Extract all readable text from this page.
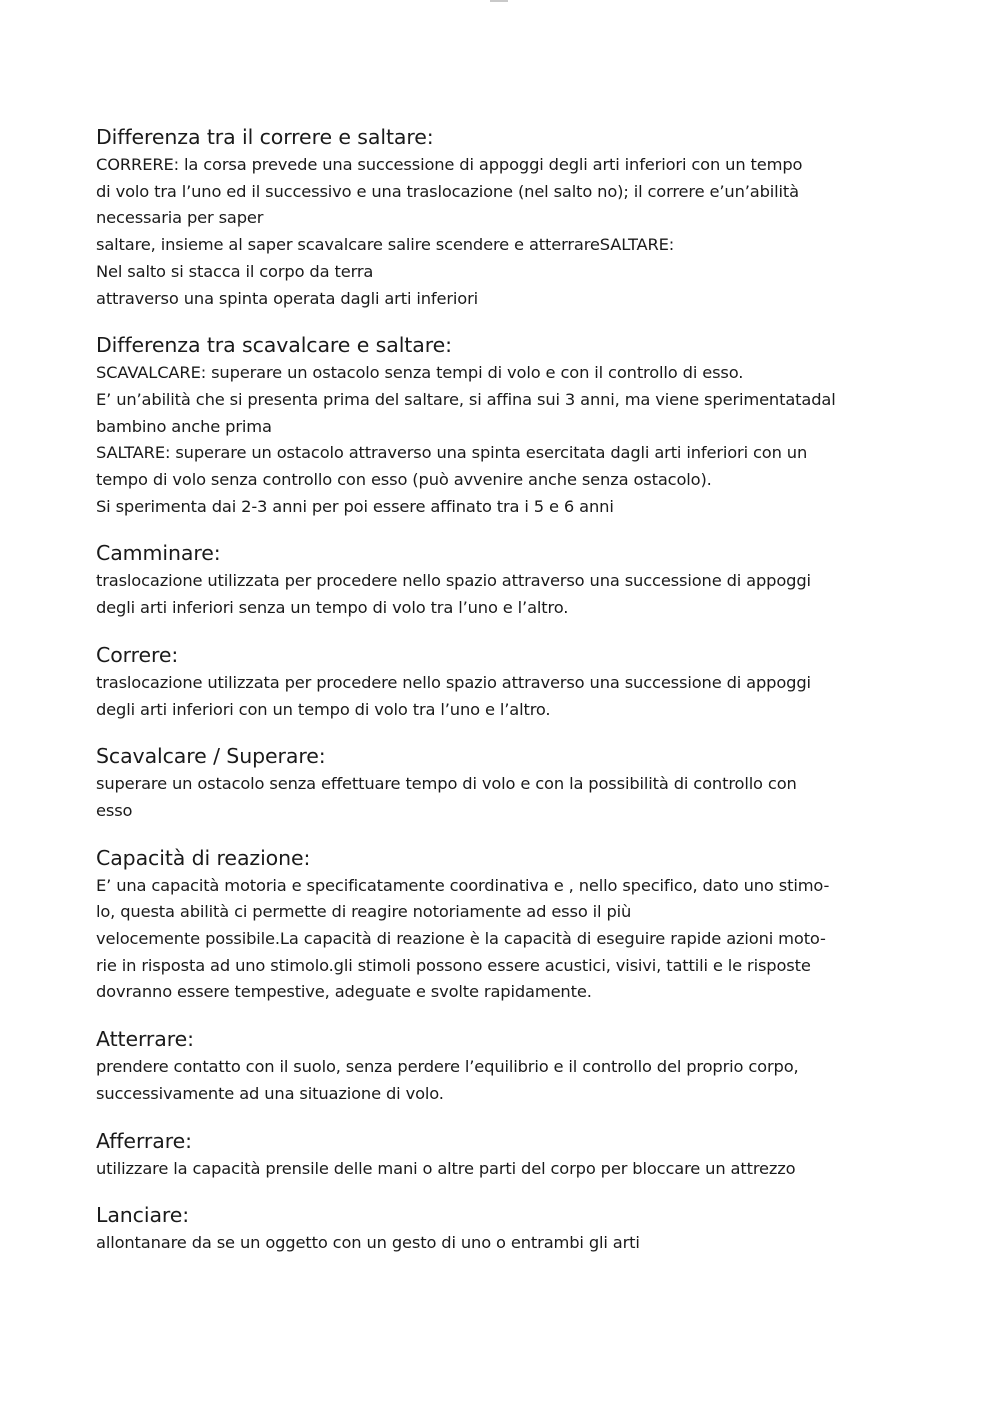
Differenza tra il correre e saltare:

CORRERE: la corsa prevede una successione di appoggi degli arti inferiori con un tempo
di volo tra l’uno ed il successivo e una traslocazione (nel salto no); il correre e’un’abilità
necessaria per saper
saltare, insieme al saper scavalcare salire scendere e atterrareSALTARE:
Nel salto si stacca il corpo da terra
attraverso una spinta operata dagli arti inferiori

Differenza tra scavalcare e saltare:

SCAVALCARE: superare un ostacolo senza tempi di volo e con il controllo di esso.
E’ un’abilità che si presenta prima del saltare, si affina sui 3 anni, ma viene sperimentatadal
bambino anche prima
SALTARE: superare un ostacolo attraverso una spinta esercitata dagli arti inferiori con un
tempo di volo senza controllo con esso (può avvenire anche senza ostacolo).
Si sperimenta dai 2-3 anni per poi essere affinato tra i 5 e 6 anni

Camminare:

traslocazione utilizzata per procedere nello spazio attraverso una successione di appoggi
degli arti inferiori senza un tempo di volo tra l’uno e l’altro.

Correre:

traslocazione utilizzata per procedere nello spazio attraverso una successione di appoggi
degli arti inferiori con un tempo di volo tra l’uno e l’altro.

Scavalcare / Superare:

superare un ostacolo senza effettuare tempo di volo e con la possibilità di controllo con
esso

Capacità di reazione:

E’ una capacità motoria e specificatamente coordinativa e , nello specifico, dato uno stimo-
lo, questa abilità ci permette di reagire notoriamente ad esso il più
velocemente possibile.La capacità di reazione è la capacità di eseguire rapide azioni moto-
rie in risposta ad uno stimolo.gli stimoli possono essere acustici, visivi, tattili e le risposte
dovranno essere tempestive, adeguate e svolte rapidamente.

Atterrare:

prendere contatto con il suolo, senza perdere l’equilibrio e il controllo del proprio corpo,
successivamente ad una situazione di volo.

Afferrare:

utilizzare la capacità prensile delle mani o altre parti del corpo per bloccare un attrezzo

Lanciare:

allontanare da se un oggetto con un gesto di uno o entrambi gli arti
